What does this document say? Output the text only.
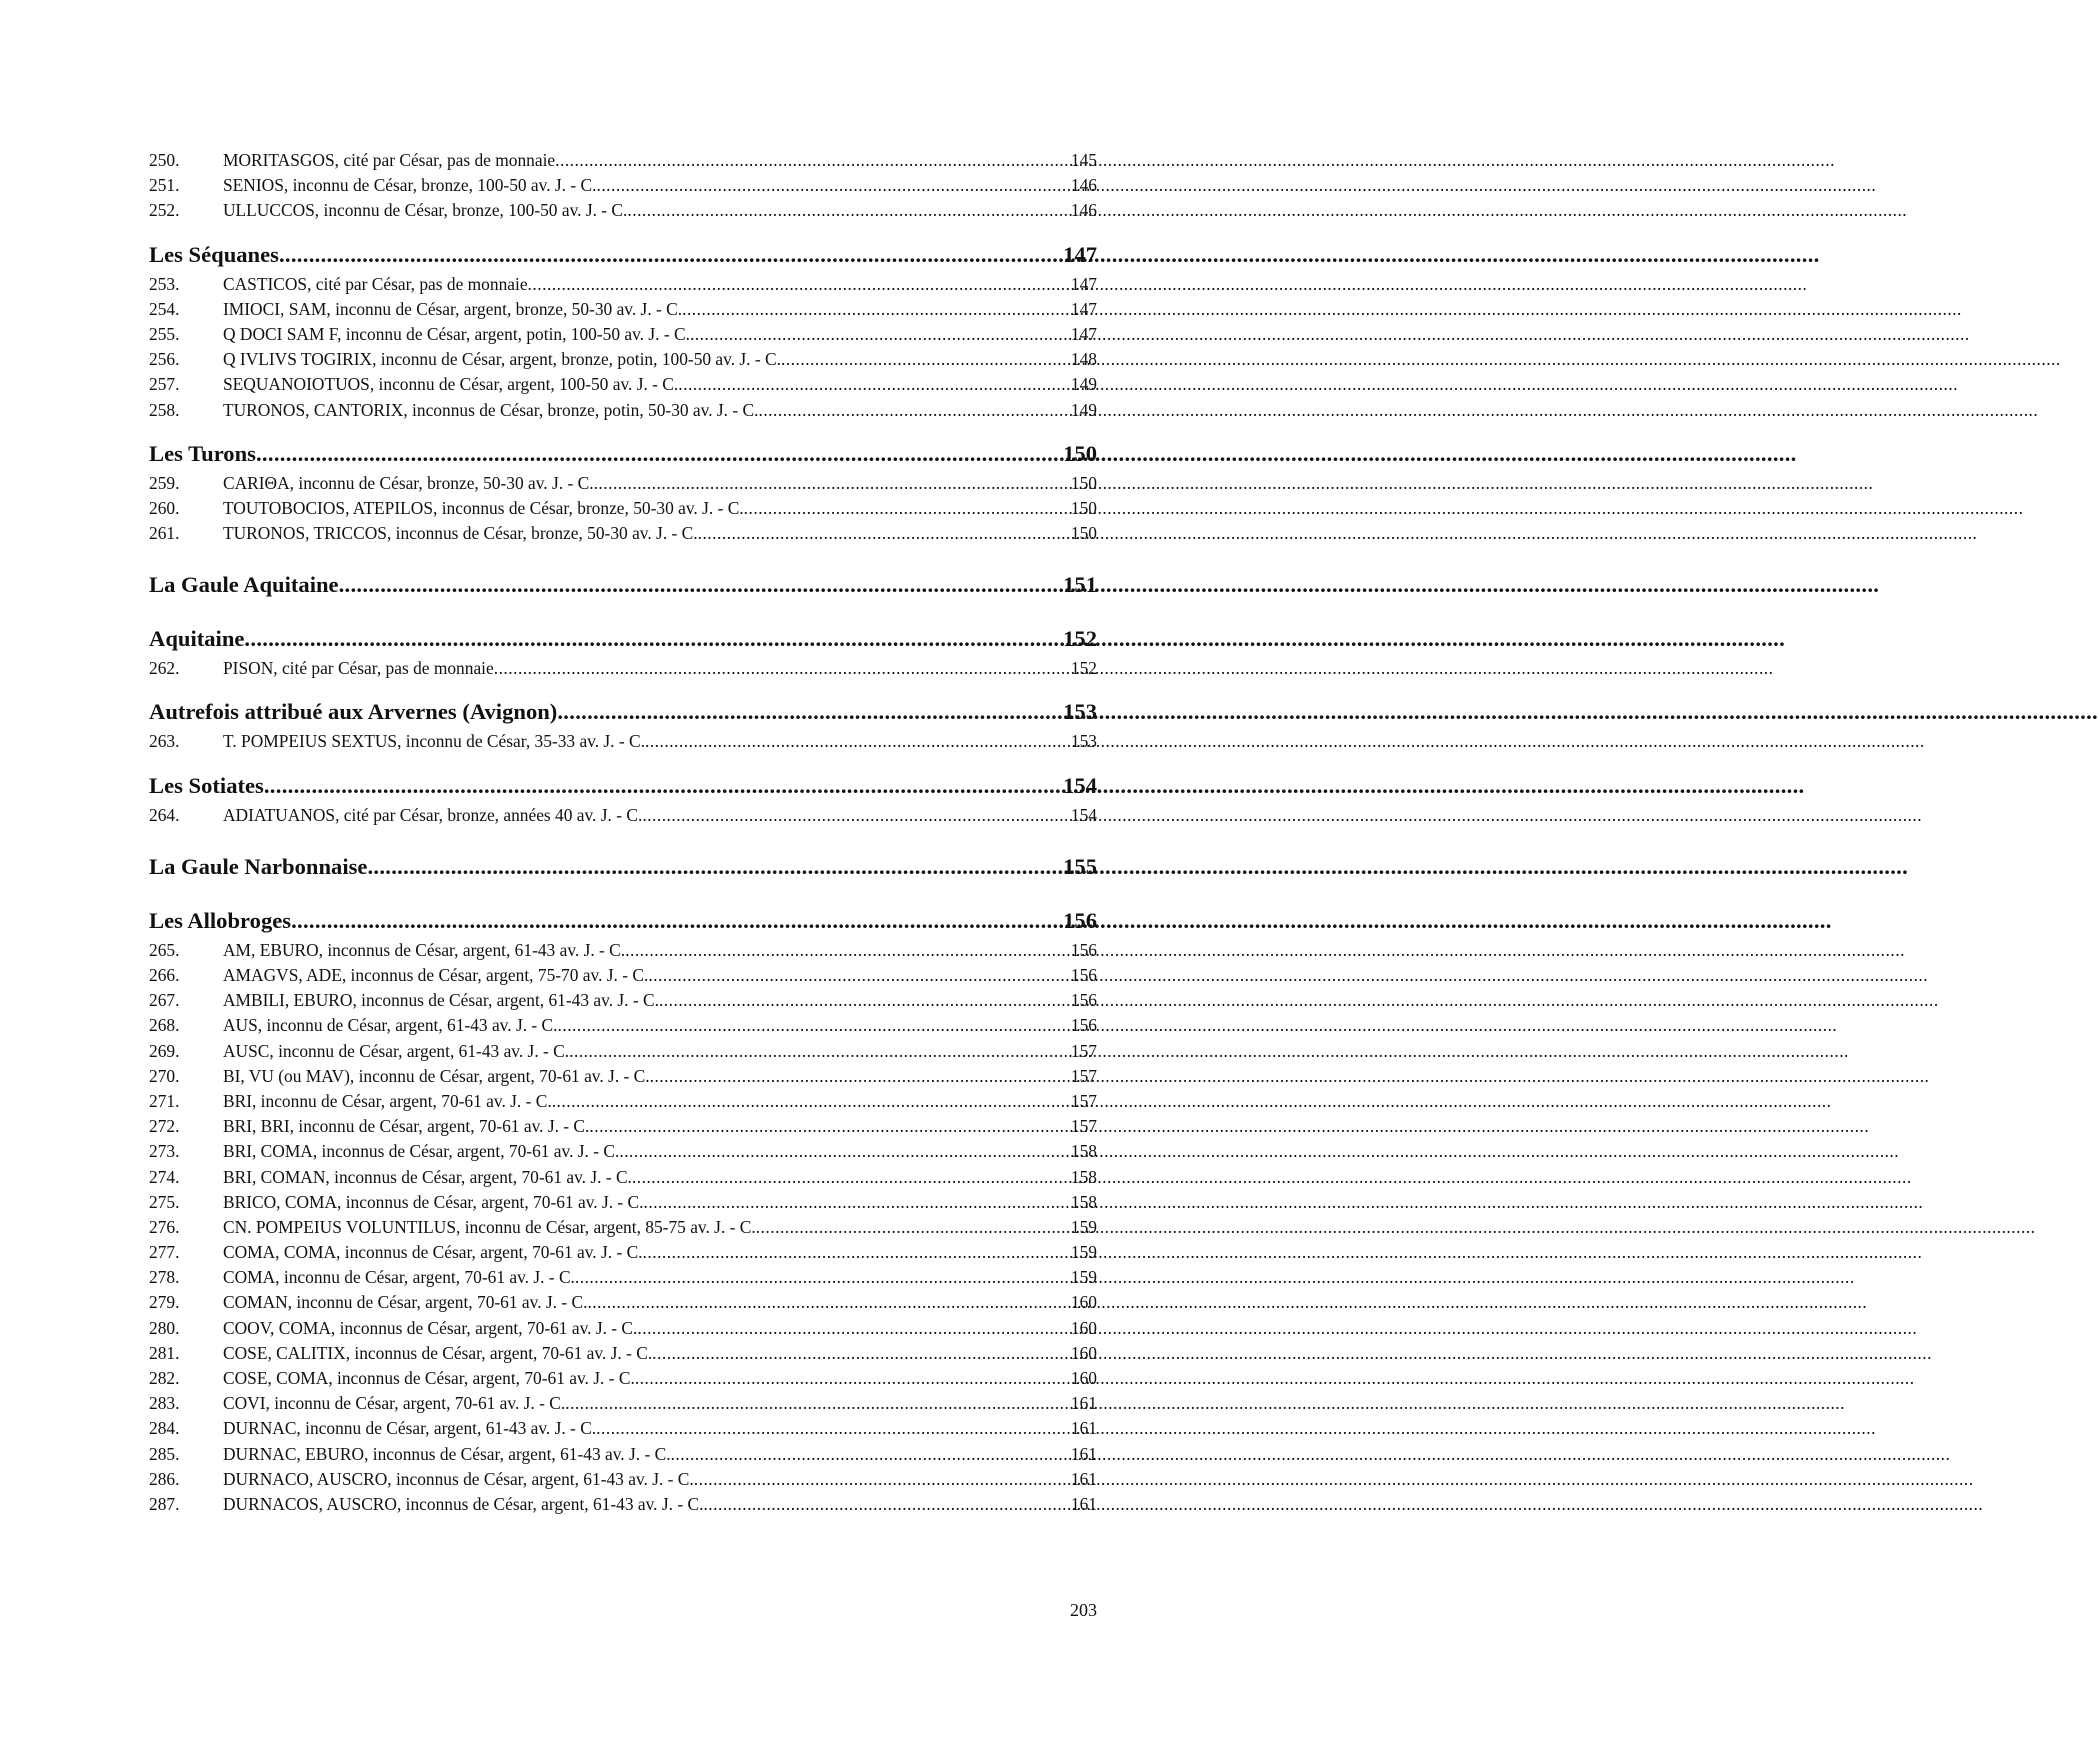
250.	MORITASGOS, cité par César, pas de monnaie .....	145
251.	SENIOS, inconnu de César, bronze, 100-50 av. J. - C. .....	146
252.	ULLUCCOS, inconnu de César, bronze, 100-50 av. J. - C. .....	146
Les Séquanes .....	147
253.	CASTICOS, cité par César, pas de monnaie .....	147
254.	IMIOCI, SAM, inconnu de César, argent, bronze, 50-30 av. J. - C. .....	147
255.	Q DOCI SAM F, inconnu de César, argent, potin, 100-50 av. J. - C. .....	147
256.	Q IVLIVS TOGIRIX, inconnu de César, argent, bronze, potin, 100-50 av. J. - C. .....	148
257.	SEQUANOIOTUOS, inconnu de César, argent, 100-50 av. J. - C. .....	149
258.	TURONOS, CANTORIX, inconnus de César, bronze, potin, 50-30 av. J. - C. .....	149
Les Turons .....	150
259.	CARIΘA, inconnu de César, bronze, 50-30 av. J. - C. .....	150
260.	TOUTOBOCIOS, ATEPILOS, inconnus de César, bronze, 50-30 av. J. - C. .....	150
261.	TURONOS, TRICCOS, inconnus de César, bronze, 50-30 av. J. - C. .....	150
La Gaule Aquitaine .....	151
Aquitaine .....	152
262.	PISON, cité par César, pas de monnaie .....	152
Autrefois attribué aux Arvernes (Avignon) .....	153
263.	T. POMPEIUS SEXTUS, inconnu de César, 35-33 av. J. - C. .....	153
Les Sotiates .....	154
264.	ADIATUANOS, cité par César, bronze, années 40 av. J. - C. .....	154
La Gaule Narbonnaise .....	155
Les Allobroges .....	156
265.	AM, EBURO, inconnus de César, argent, 61-43 av. J. - C. .....	156
266.	AMAGVS, ADE, inconnus de César, argent, 75-70 av. J. - C. .....	156
267.	AMBILI, EBURO, inconnus de César, argent, 61-43 av. J. - C. .....	156
268.	AUS, inconnu de César, argent, 61-43 av. J. - C. .....	156
269.	AUSC, inconnu de César, argent, 61-43 av. J. - C. .....	157
270.	BI, VU (ou MAV), inconnu de César, argent, 70-61 av. J. - C. .....	157
271.	BRI, inconnu de César, argent, 70-61 av. J. - C. .....	157
272.	BRI, BRI, inconnu de César, argent, 70-61 av. J. - C. .....	157
273.	BRI, COMA, inconnus de César, argent, 70-61 av. J. - C. .....	158
274.	BRI, COMAN, inconnus de César, argent, 70-61 av. J. - C. .....	158
275.	BRICO, COMA, inconnus de César, argent, 70-61 av. J. - C. .....	158
276.	CN. POMPEIUS VOLUNTILUS, inconnu de César, argent, 85-75 av. J. - C. .....	159
277.	COMA, COMA, inconnus de César, argent, 70-61 av. J. - C. .....	159
278.	COMA, inconnu de César, argent, 70-61 av. J. - C. .....	159
279.	COMAN, inconnu de César, argent, 70-61 av. J. - C. .....	160
280.	COOV, COMA, inconnus de César, argent, 70-61 av. J. - C. .....	160
281.	COSE, CALITIX, inconnus de César, argent, 70-61 av. J. - C. .....	160
282.	COSE, COMA, inconnus de César, argent, 70-61 av. J. - C. .....	160
283.	COVI, inconnu de César, argent, 70-61 av. J. - C. .....	161
284.	DURNAC, inconnu de César, argent, 61-43 av. J. - C. .....	161
285.	DURNAC, EBURO, inconnus de César, argent, 61-43 av. J. - C. .....	161
286.	DURNACO, AUSCRO, inconnus de César, argent, 61-43 av. J. - C. .....	161
287.	DURNACOS, AUSCRO, inconnus de César, argent, 61-43 av. J. - C. .....	161
203
